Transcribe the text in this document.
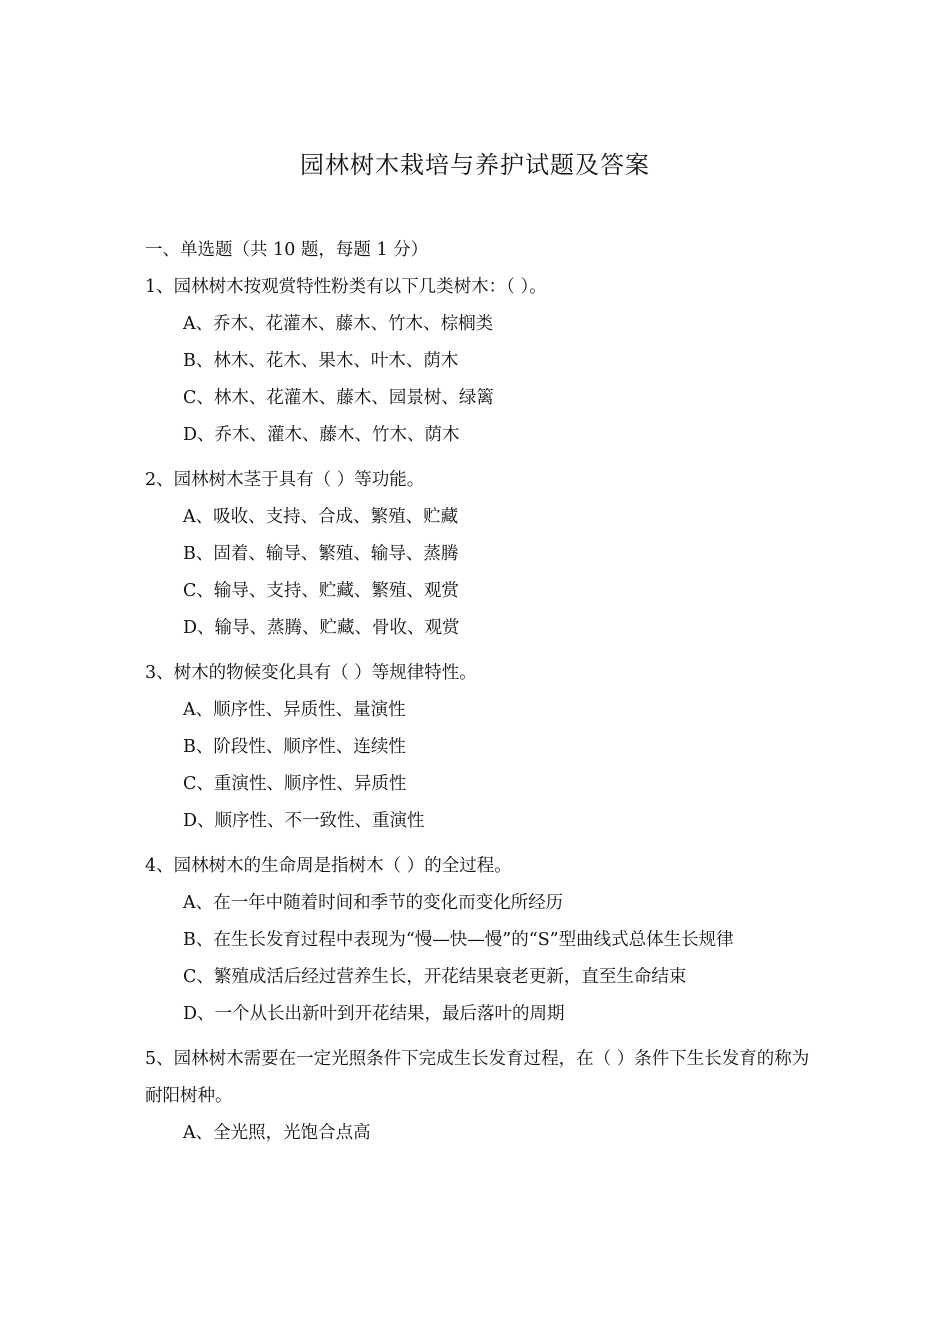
园林树木栽培与养护试题及答案

一、单选题（共 10 题，每题 1 分）

1、园林树木按观赏特性粉类有以下几类树木：（ ）。

A、乔木、花灌木、藤木、竹木、棕榈类

B、林木、花木、果木、叶木、荫木

C、林木、花灌木、藤木、园景树、绿篱

D、乔木、灌木、藤木、竹木、荫木

2、园林树木茎于具有（ ）等功能。

A、吸收、支持、合成、繁殖、贮藏

B、固着、输导、繁殖、输导、蒸腾

C、输导、支持、贮藏、繁殖、观赏

D、输导、蒸腾、贮藏、骨收、观赏

3、树木的物候变化具有（ ）等规律特性。

A、顺序性、异质性、量演性

B、阶段性、顺序性、连续性

C、重演性、顺序性、异质性

D、顺序性、不一致性、重演性

4、园林树木的生命周是指树木（ ）的全过程。

A、在一年中随着时间和季节的变化而变化所经历

B、在生长发育过程中表现为“慢—快—慢”的“S”型曲线式总体生长规律

C、繁殖成活后经过营养生长，开花结果衰老更新，直至生命结束

D、一个从长出新叶到开花结果，最后落叶的周期

5、园林树木需要在一定光照条件下完成生长发育过程，在（ ）条件下生长发育的称为耐阳树种。

A、全光照，光饱合点高
